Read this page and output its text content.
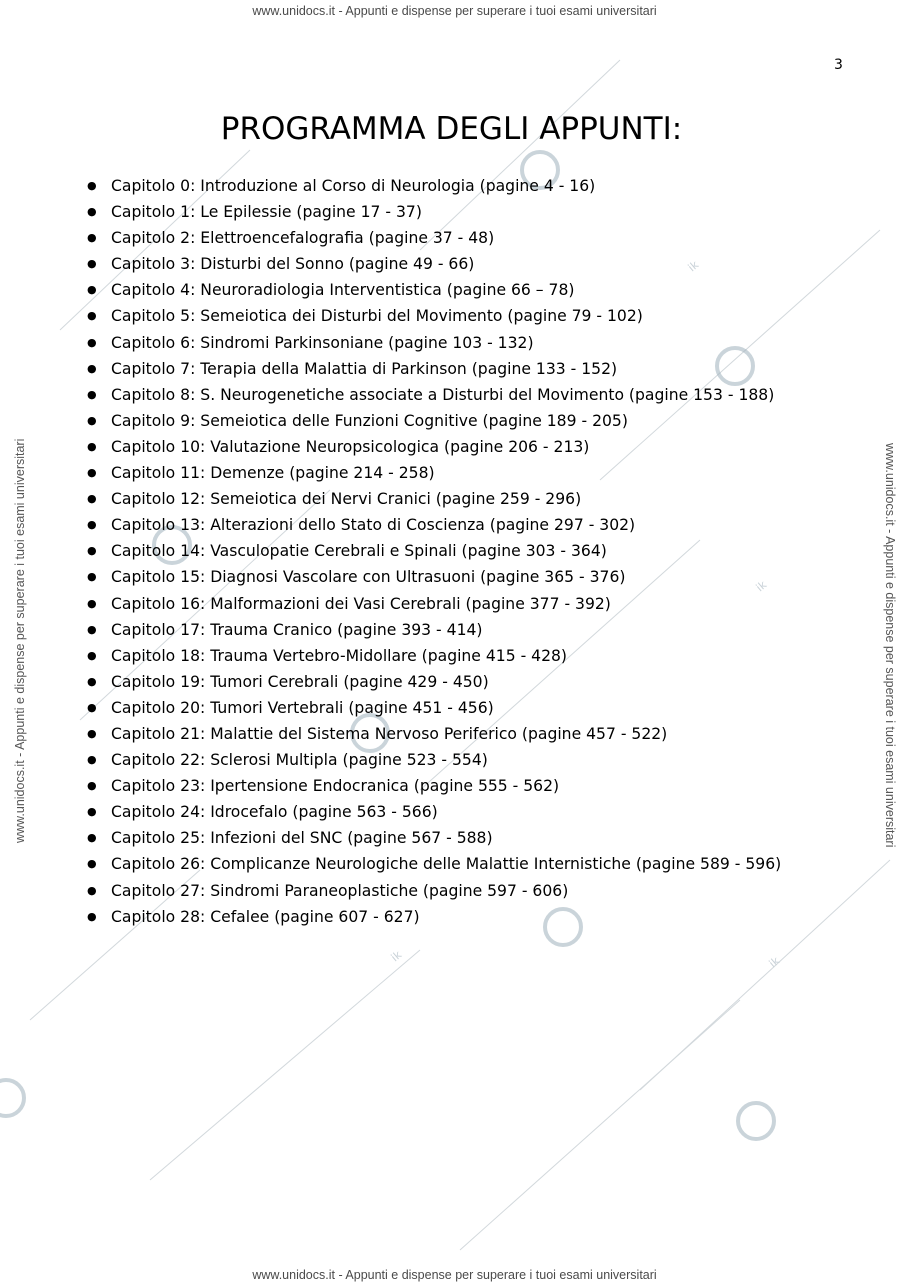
ik
ik
ik
ik
www.unidocs.it - Appunti e dispense per superare i tuoi esami universitari
www.unidocs.it - Appunti e dispense per superare i tuoi esami universitari	www.unidocs.it - Appunti e dispense per superare i tuoi esami universitari
3
PROGRAMMA DEGLI APPUNTI:
● Capitolo 0: Introduzione al Corso di Neurologia (pagine 4 - 16)
● Capitolo 1: Le Epilessie (pagine 17 - 37)
● Capitolo 2: Elettroencefalografia (pagine 37 - 48)
● Capitolo 3: Disturbi del Sonno (pagine 49 - 66)
● Capitolo 4: Neuroradiologia Interventistica (pagine 66 – 78)
● Capitolo 5: Semeiotica dei Disturbi del Movimento (pagine 79 - 102)
● Capitolo 6: Sindromi Parkinsoniane (pagine 103 - 132)
● Capitolo 7: Terapia della Malattia di Parkinson (pagine 133 - 152)
● Capitolo 8: S. Neurogenetiche associate a Disturbi del Movimento (pagine 153 - 188)
● Capitolo 9: Semeiotica delle Funzioni Cognitive (pagine 189 - 205)
● Capitolo 10: Valutazione Neuropsicologica (pagine 206 - 213)
● Capitolo 11: Demenze (pagine 214 - 258)
● Capitolo 12: Semeiotica dei Nervi Cranici (pagine 259 - 296)
● Capitolo 13: Alterazioni dello Stato di Coscienza (pagine 297 - 302)
● Capitolo 14: Vasculopatie Cerebrali e Spinali (pagine 303 - 364)
● Capitolo 15: Diagnosi Vascolare con Ultrasuoni (pagine 365 - 376)
● Capitolo 16: Malformazioni dei Vasi Cerebrali (pagine 377 - 392)
● Capitolo 17: Trauma Cranico (pagine 393 - 414)
● Capitolo 18: Trauma Vertebro-Midollare (pagine 415 - 428)
● Capitolo 19: Tumori Cerebrali (pagine 429 - 450)
● Capitolo 20: Tumori Vertebrali (pagine 451 - 456)
● Capitolo 21: Malattie del Sistema Nervoso Periferico (pagine 457 - 522)
● Capitolo 22: Sclerosi Multipla (pagine 523 - 554)
● Capitolo 23: Ipertensione Endocranica (pagine 555 - 562)
● Capitolo 24: Idrocefalo (pagine 563 - 566)
● Capitolo 25: Infezioni del SNC (pagine 567 - 588)
● Capitolo 26: Complicanze Neurologiche delle Malattie Internistiche (pagine 589 - 596)
● Capitolo 27: Sindromi Paraneoplastiche (pagine 597 - 606)
● Capitolo 28: Cefalee (pagine 607 - 627)
www.unidocs.it - Appunti e dispense per superare i tuoi esami universitari
